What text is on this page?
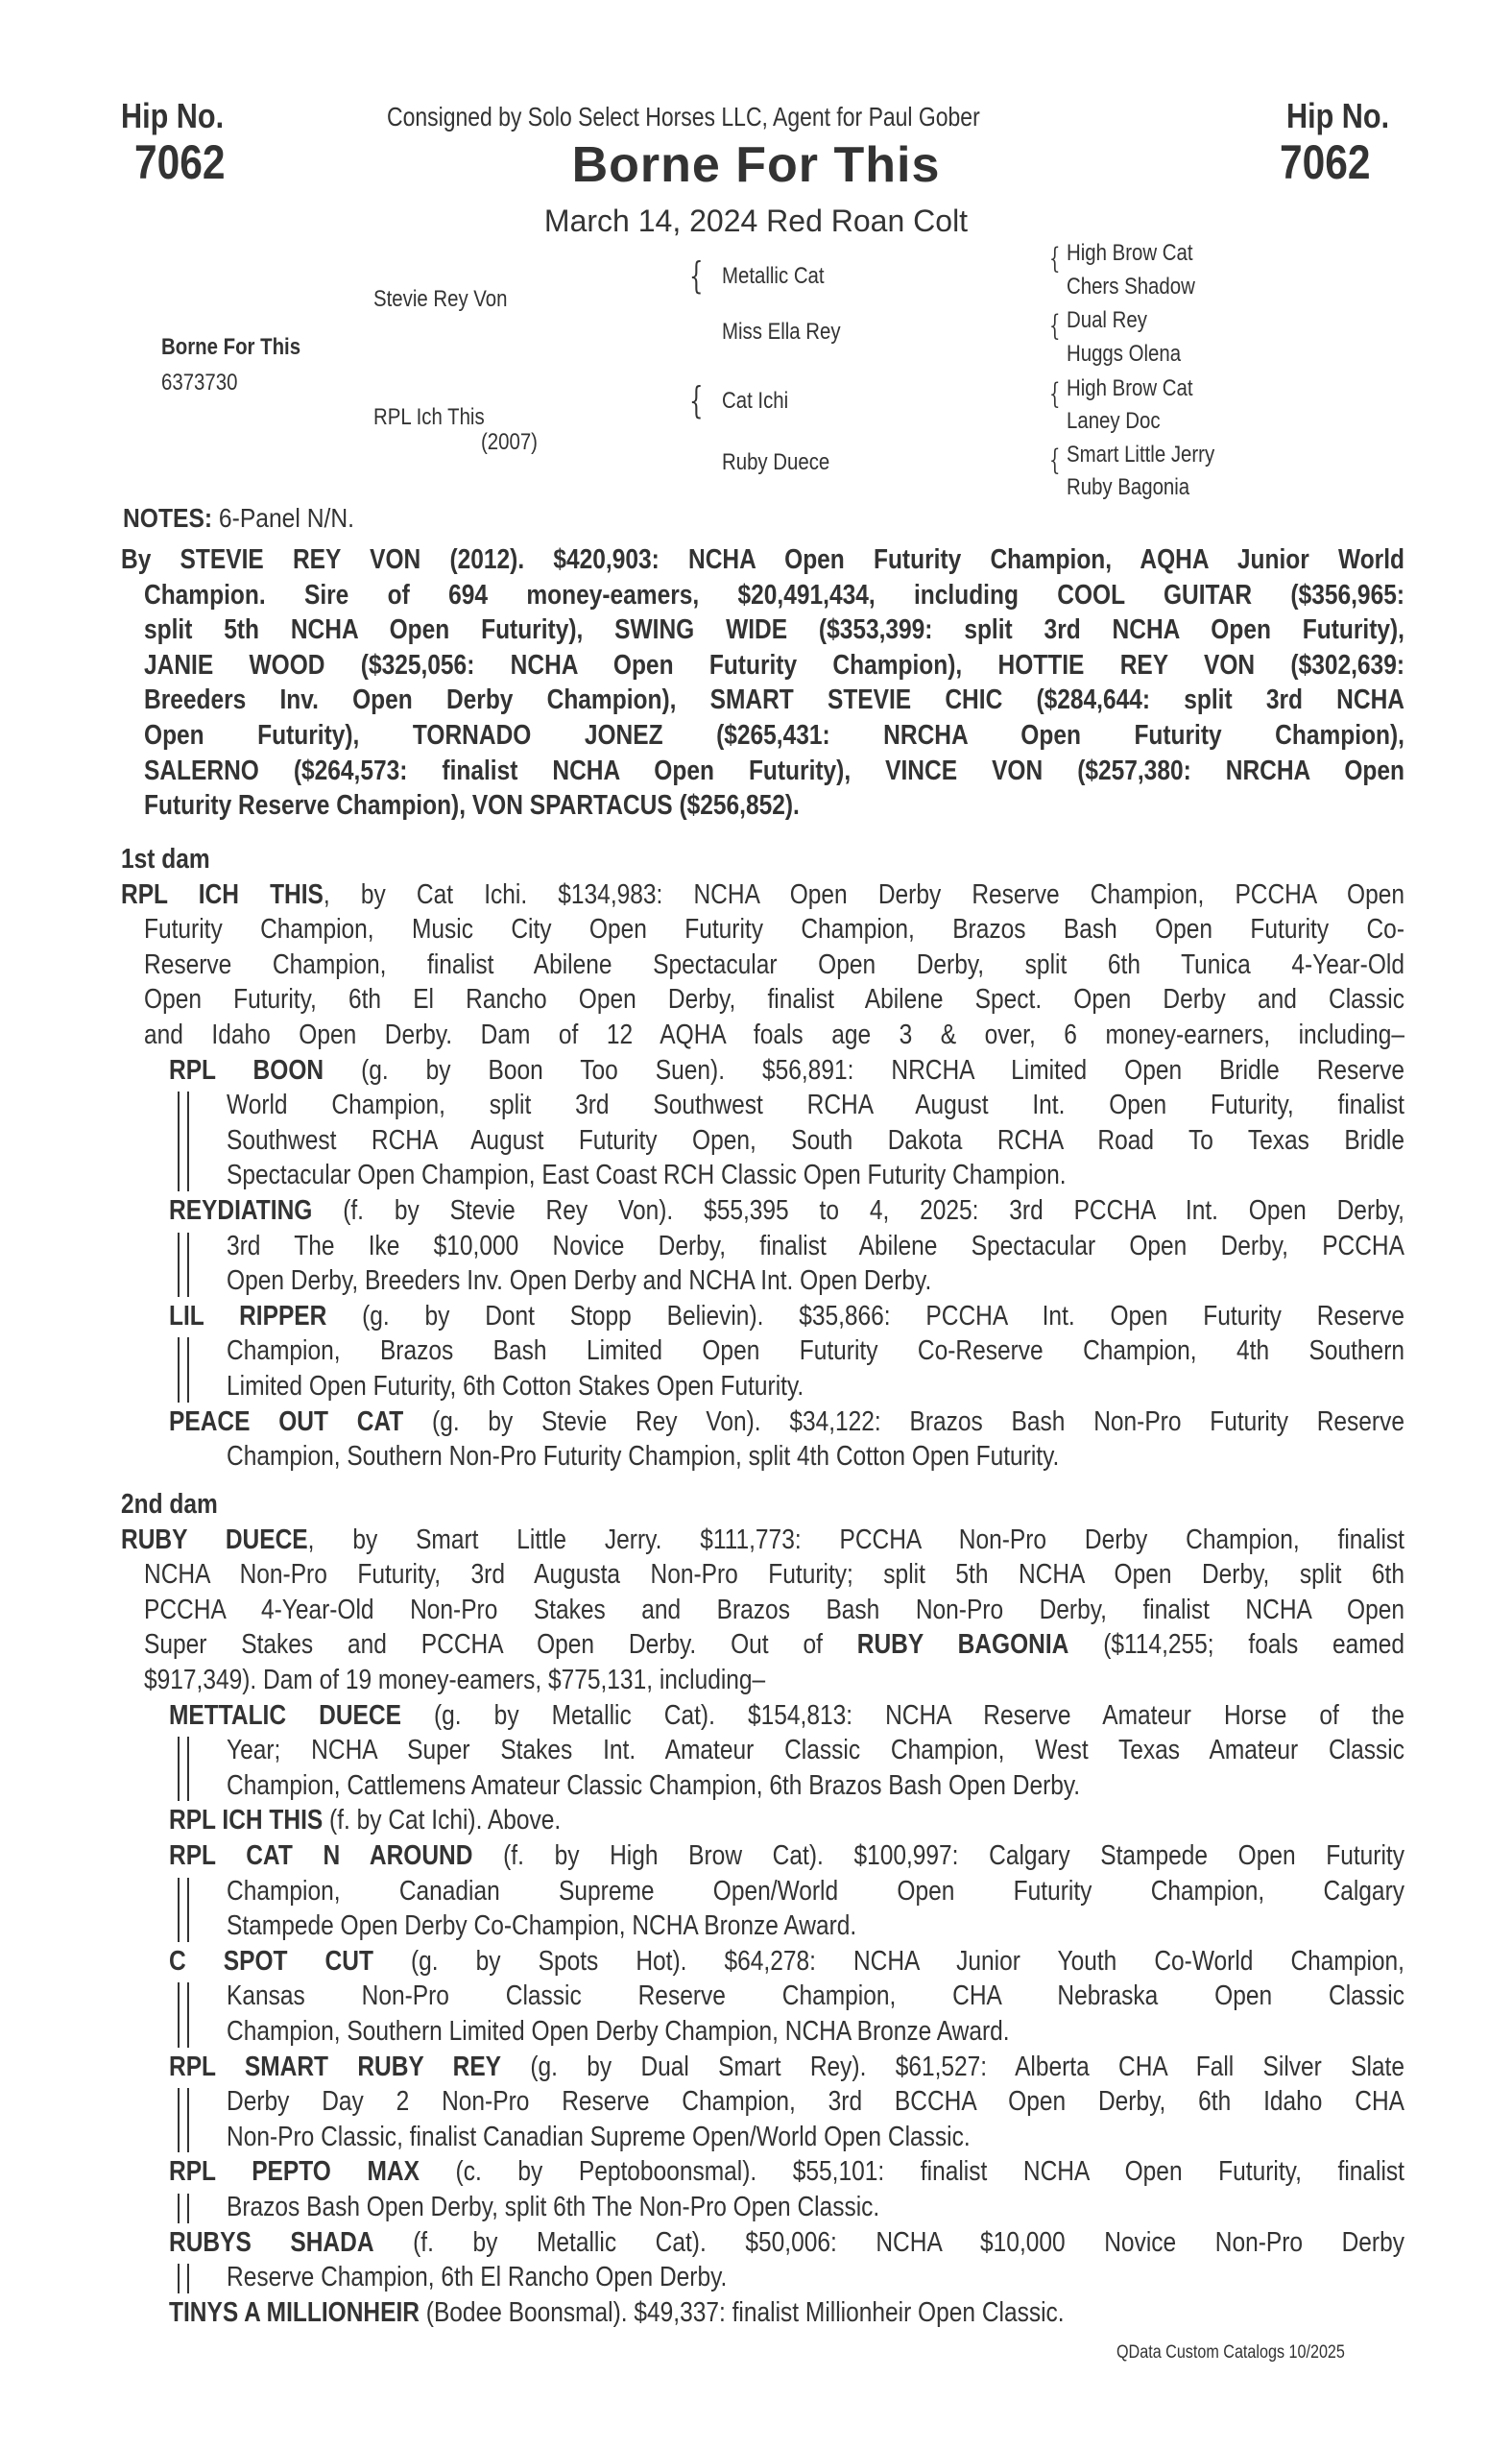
Hip No.
7062
Hip No.
7062
Consigned by Solo Select Horses LLC, Agent for Paul Gober
Borne For This
March 14, 2024 Red Roan Colt
Borne For This
6373730
Stevie Rey Von
RPL Ich This
(2007)
{
{
Metallic Cat
Miss Ella Rey
Cat Ichi
Ruby Duece
{
{
{
{
High Brow Cat
Chers Shadow
Dual Rey
Huggs Olena
High Brow Cat
Laney Doc
Smart Little Jerry
Ruby Bagonia
NOTES: 6-Panel N/N.
By STEVIE REY VON (2012). $420,903: NCHA Open Futurity Champion, AQHA Junior World
Champion. Sire of 694 money-eamers, $20,491,434, including COOL GUITAR ($356,965:
split 5th NCHA Open Futurity), SWING WIDE ($353,399: split 3rd NCHA Open Futurity),
JANIE WOOD ($325,056: NCHA Open Futurity Champion), HOTTIE REY VON ($302,639:
Breeders Inv. Open Derby Champion), SMART STEVIE CHIC ($284,644: split 3rd NCHA
Open Futurity), TORNADO JONEZ ($265,431: NRCHA Open Futurity Champion),
SALERNO ($264,573: finalist NCHA Open Futurity), VINCE VON ($257,380: NRCHA Open
Futurity Reserve Champion), VON SPARTACUS ($256,852).
1st dam
RPL ICH THIS, by Cat Ichi. $134,983: NCHA Open Derby Reserve Champion, PCCHA Open
Futurity Champion, Music City Open Futurity Champion, Brazos Bash Open Futurity Co-
Reserve Champion, finalist Abilene Spectacular Open Derby, split 6th Tunica 4-Year-Old
Open Futurity, 6th El Rancho Open Derby, finalist Abilene Spect. Open Derby and Classic
and Idaho Open Derby. Dam of 12 AQHA foals age 3 & over, 6 money-earners, including–
RPL BOON (g. by Boon Too Suen). $56,891: NRCHA Limited Open Bridle Reserve
World Champion, split 3rd Southwest RCHA August Int. Open Futurity, finalist
Southwest RCHA August Futurity Open, South Dakota RCHA Road To Texas Bridle
Spectacular Open Champion, East Coast RCH Classic Open Futurity Champion.
REYDIATING (f. by Stevie Rey Von). $55,395 to 4, 2025: 3rd PCCHA Int. Open Derby,
3rd The Ike $10,000 Novice Derby, finalist Abilene Spectacular Open Derby, PCCHA
Open Derby, Breeders Inv. Open Derby and NCHA Int. Open Derby.
LIL RIPPER (g. by Dont Stopp Believin). $35,866: PCCHA Int. Open Futurity Reserve
Champion, Brazos Bash Limited Open Futurity Co-Reserve Champion, 4th Southern
Limited Open Futurity, 6th Cotton Stakes Open Futurity.
PEACE OUT CAT (g. by Stevie Rey Von). $34,122: Brazos Bash Non-Pro Futurity Reserve
Champion, Southern Non-Pro Futurity Champion, split 4th Cotton Open Futurity.
2nd dam
RUBY DUECE, by Smart Little Jerry. $111,773: PCCHA Non-Pro Derby Champion, finalist
NCHA Non-Pro Futurity, 3rd Augusta Non-Pro Futurity; split 5th NCHA Open Derby, split 6th
PCCHA 4-Year-Old Non-Pro Stakes and Brazos Bash Non-Pro Derby, finalist NCHA Open
Super Stakes and PCCHA Open Derby. Out of RUBY BAGONIA ($114,255; foals eamed
$917,349). Dam of 19 money-eamers, $775,131, including–
METTALIC DUECE (g. by Metallic Cat). $154,813: NCHA Reserve Amateur Horse of the
Year; NCHA Super Stakes Int. Amateur Classic Champion, West Texas Amateur Classic
Champion, Cattlemens Amateur Classic Champion, 6th Brazos Bash Open Derby.
RPL ICH THIS (f. by Cat Ichi). Above.
RPL CAT N AROUND (f. by High Brow Cat). $100,997: Calgary Stampede Open Futurity
Champion, Canadian Supreme Open/World Open Futurity Champion, Calgary
Stampede Open Derby Co-Champion, NCHA Bronze Award.
C SPOT CUT (g. by Spots Hot). $64,278: NCHA Junior Youth Co-World Champion,
Kansas Non-Pro Classic Reserve Champion, CHA Nebraska Open Classic
Champion, Southern Limited Open Derby Champion, NCHA Bronze Award.
RPL SMART RUBY REY (g. by Dual Smart Rey). $61,527: Alberta CHA Fall Silver Slate
Derby Day 2 Non-Pro Reserve Champion, 3rd BCCHA Open Derby, 6th Idaho CHA
Non-Pro Classic, finalist Canadian Supreme Open/World Open Classic.
RPL PEPTO MAX (c. by Peptoboonsmal). $55,101: finalist NCHA Open Futurity, finalist
Brazos Bash Open Derby, split 6th The Non-Pro Open Classic.
RUBYS SHADA (f. by Metallic Cat). $50,006: NCHA $10,000 Novice Non-Pro Derby
Reserve Champion, 6th El Rancho Open Derby.
TINYS A MILLIONHEIR (Bodee Boonsmal). $49,337: finalist Millionheir Open Classic.
QData Custom Catalogs 10/2025
